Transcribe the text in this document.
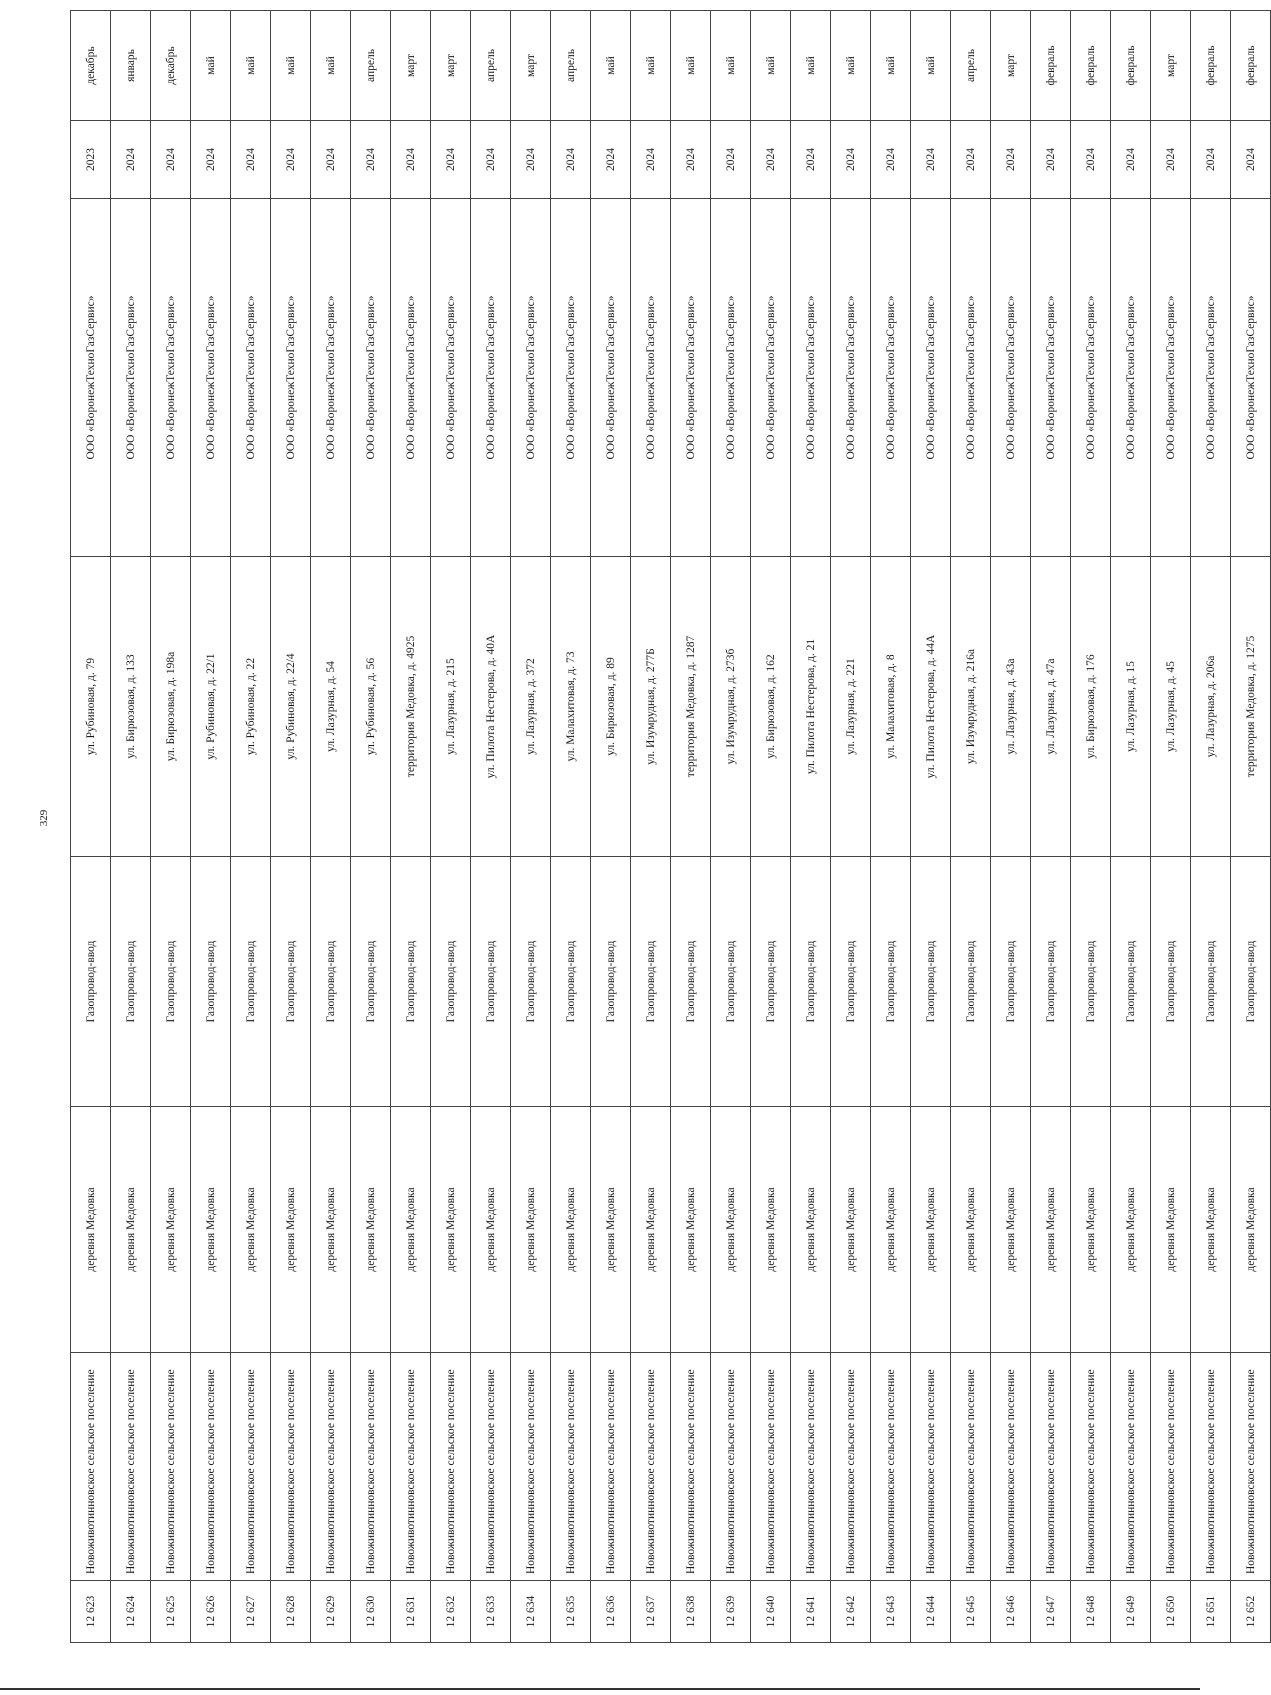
329
12 623	Новоживотинновское сельское поселение	деревня Медовка	Газопровод-ввод	ул. Рубиновая, д. 79	ООО «ВоронежТехноГазСервис»	2023	декабрь
12 624	Новоживотинновское сельское поселение	деревня Медовка	Газопровод-ввод	ул. Бирюзовая, д. 133	ООО «ВоронежТехноГазСервис»	2024	январь
12 625	Новоживотинновское сельское поселение	деревня Медовка	Газопровод-ввод	ул. Бирюзовая, д. 198а	ООО «ВоронежТехноГазСервис»	2024	декабрь
12 626	Новоживотинновское сельское поселение	деревня Медовка	Газопровод-ввод	ул. Рубиновая, д. 22/1	ООО «ВоронежТехноГазСервис»	2024	май
12 627	Новоживотинновское сельское поселение	деревня Медовка	Газопровод-ввод	ул. Рубиновая, д. 22	ООО «ВоронежТехноГазСервис»	2024	май
12 628	Новоживотинновское сельское поселение	деревня Медовка	Газопровод-ввод	ул. Рубиновая, д. 22/4	ООО «ВоронежТехноГазСервис»	2024	май
12 629	Новоживотинновское сельское поселение	деревня Медовка	Газопровод-ввод	ул. Лазурная, д. 54	ООО «ВоронежТехноГазСервис»	2024	май
12 630	Новоживотинновское сельское поселение	деревня Медовка	Газопровод-ввод	ул. Рубиновая, д. 56	ООО «ВоронежТехноГазСервис»	2024	апрель
12 631	Новоживотинновское сельское поселение	деревня Медовка	Газопровод-ввод	территория Медовка, д. 4925	ООО «ВоронежТехноГазСервис»	2024	март
12 632	Новоживотинновское сельское поселение	деревня Медовка	Газопровод-ввод	ул. Лазурная, д. 215	ООО «ВоронежТехноГазСервис»	2024	март
12 633	Новоживотинновское сельское поселение	деревня Медовка	Газопровод-ввод	ул. Пилота Нестерова, д. 40А	ООО «ВоронежТехноГазСервис»	2024	апрель
12 634	Новоживотинновское сельское поселение	деревня Медовка	Газопровод-ввод	ул. Лазурная, д. 372	ООО «ВоронежТехноГазСервис»	2024	март
12 635	Новоживотинновское сельское поселение	деревня Медовка	Газопровод-ввод	ул. Малахитовая, д. 73	ООО «ВоронежТехноГазСервис»	2024	апрель
12 636	Новоживотинновское сельское поселение	деревня Медовка	Газопровод-ввод	ул. Бирюзовая, д. 89	ООО «ВоронежТехноГазСервис»	2024	май
12 637	Новоживотинновское сельское поселение	деревня Медовка	Газопровод-ввод	ул. Изумрудная, д. 277Б	ООО «ВоронежТехноГазСервис»	2024	май
12 638	Новоживотинновское сельское поселение	деревня Медовка	Газопровод-ввод	территория Медовка, д. 1287	ООО «ВоронежТехноГазСервис»	2024	май
12 639	Новоживотинновское сельское поселение	деревня Медовка	Газопровод-ввод	ул. Изумрудная, д. 273б	ООО «ВоронежТехноГазСервис»	2024	май
12 640	Новоживотинновское сельское поселение	деревня Медовка	Газопровод-ввод	ул. Бирюзовая, д. 162	ООО «ВоронежТехноГазСервис»	2024	май
12 641	Новоживотинновское сельское поселение	деревня Медовка	Газопровод-ввод	ул. Пилота Нестерова, д. 21	ООО «ВоронежТехноГазСервис»	2024	май
12 642	Новоживотинновское сельское поселение	деревня Медовка	Газопровод-ввод	ул. Лазурная, д. 221	ООО «ВоронежТехноГазСервис»	2024	май
12 643	Новоживотинновское сельское поселение	деревня Медовка	Газопровод-ввод	ул. Малахитовая, д. 8	ООО «ВоронежТехноГазСервис»	2024	май
12 644	Новоживотинновское сельское поселение	деревня Медовка	Газопровод-ввод	ул. Пилота Нестерова, д. 44А	ООО «ВоронежТехноГазСервис»	2024	май
12 645	Новоживотинновское сельское поселение	деревня Медовка	Газопровод-ввод	ул. Изумрудная, д. 216а	ООО «ВоронежТехноГазСервис»	2024	апрель
12 646	Новоживотинновское сельское поселение	деревня Медовка	Газопровод-ввод	ул. Лазурная, д. 43а	ООО «ВоронежТехноГазСервис»	2024	март
12 647	Новоживотинновское сельское поселение	деревня Медовка	Газопровод-ввод	ул. Лазурная, д. 47а	ООО «ВоронежТехноГазСервис»	2024	февраль
12 648	Новоживотинновское сельское поселение	деревня Медовка	Газопровод-ввод	ул. Бирюзовая, д. 176	ООО «ВоронежТехноГазСервис»	2024	февраль
12 649	Новоживотинновское сельское поселение	деревня Медовка	Газопровод-ввод	ул. Лазурная, д. 15	ООО «ВоронежТехноГазСервис»	2024	февраль
12 650	Новоживотинновское сельское поселение	деревня Медовка	Газопровод-ввод	ул. Лазурная, д. 45	ООО «ВоронежТехноГазСервис»	2024	март
12 651	Новоживотинновское сельское поселение	деревня Медовка	Газопровод-ввод	ул. Лазурная, д. 206а	ООО «ВоронежТехноГазСервис»	2024	февраль
12 652	Новоживотинновское сельское поселение	деревня Медовка	Газопровод-ввод	территория Медовка, д. 1275	ООО «ВоронежТехноГазСервис»	2024	февраль
